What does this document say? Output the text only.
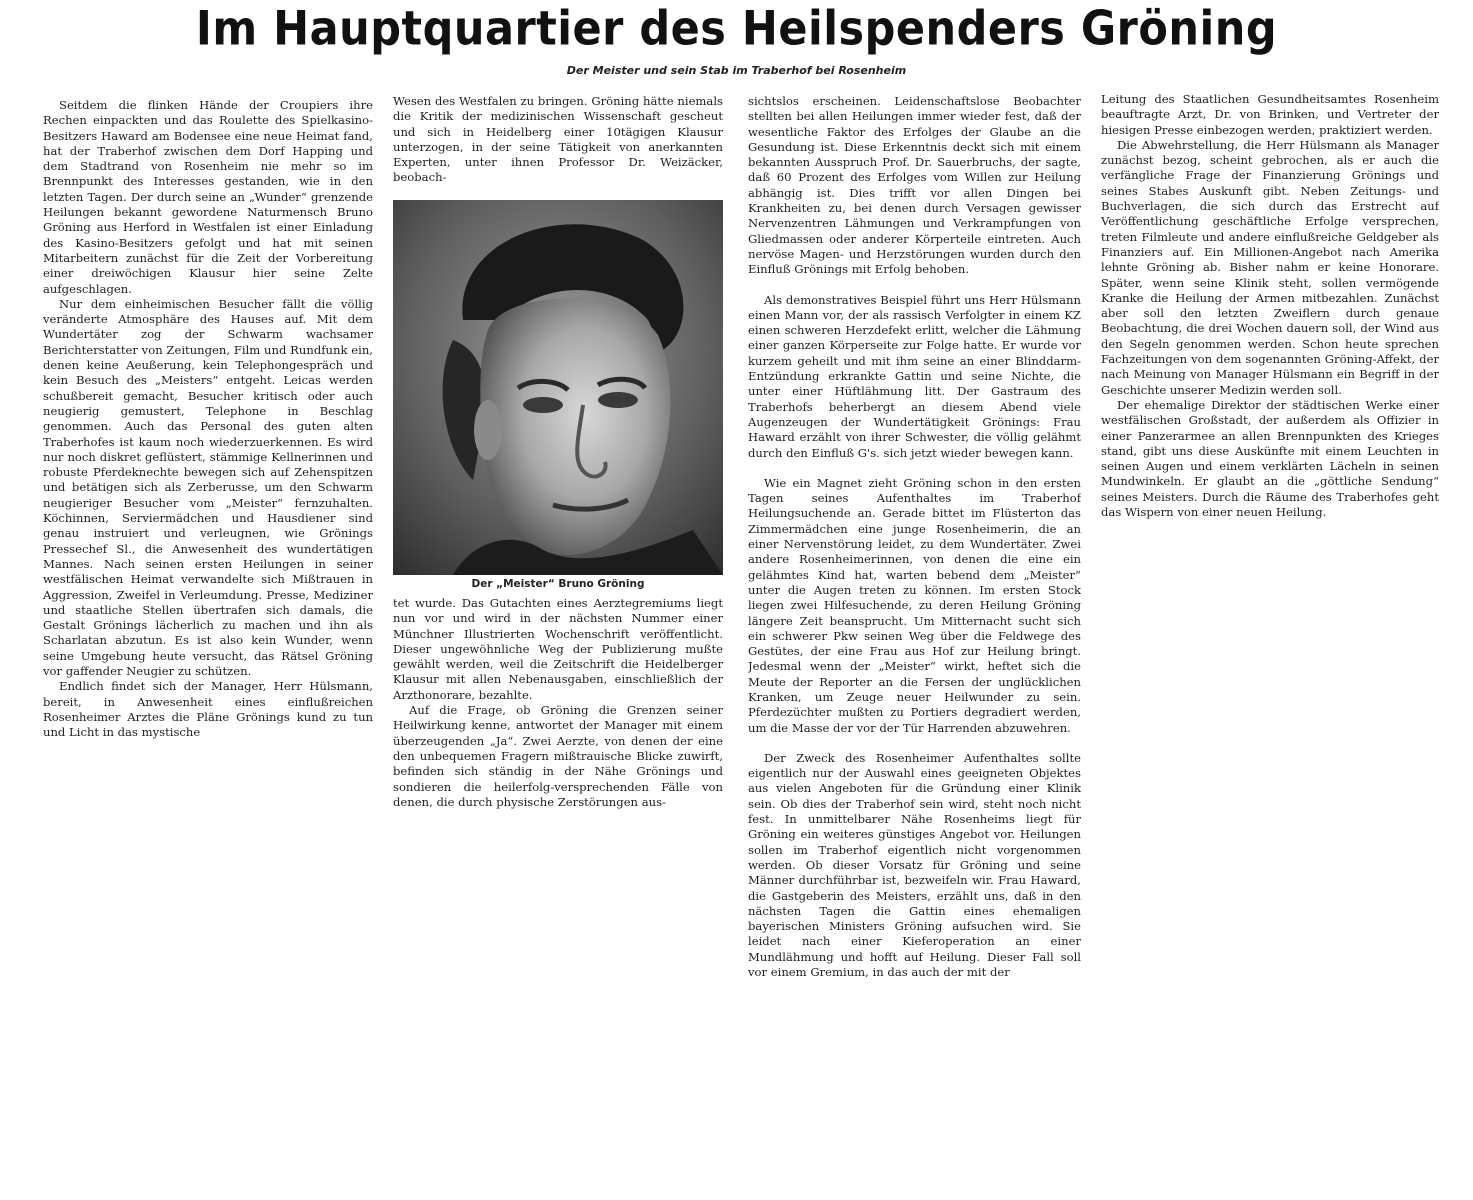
Im Hauptquartier des Heilspenders Gröning
Der Meister und sein Stab im Traberhof bei Rosenheim

Seitdem die flinken Hände der Croupiers ihre Rechen einpackten und das Roulette des Spielkasino-Besitzers Haward am Bodensee eine neue Heimat fand, hat der Traberhof zwischen dem Dorf Happing und dem Stadtrand von Rosenheim nie mehr so im Brennpunkt des Interesses gestanden, wie in den letzten Tagen. Der durch seine an „Wunder“ grenzende Heilungen bekannt gewordene Naturmensch Bruno Gröning aus Herford in Westfalen ist einer Einladung des Kasino-Besitzers gefolgt und hat mit seinen Mitarbeitern zunächst für die Zeit der Vorbereitung einer dreiwöchigen Klausur hier seine Zelte aufgeschlagen.

Nur dem einheimischen Besucher fällt die völlig veränderte Atmosphäre des Hauses auf. Mit dem Wundertäter zog der Schwarm wachsamer Berichterstatter von Zeitungen, Film und Rundfunk ein, denen keine Aeußerung, kein Telephongespräch und kein Besuch des „Meisters“ entgeht. Leicas werden schußbereit gemacht, Besucher kritisch oder auch neugierig gemustert, Telephone in Beschlag genommen. Auch das Personal des guten alten Traberhofes ist kaum noch wiederzuerkennen. Es wird nur noch diskret geflüstert, stämmige Kellnerinnen und robuste Pferdeknechte bewegen sich auf Zehenspitzen und betätigen sich als Zerberusse, um den Schwarm neugieriger Besucher vom „Meister“ fernzuhalten. Köchinnen, Serviermädchen und Hausdiener sind genau instruiert und verleugnen, wie Grönings Pressechef Sl., die Anwesenheit des wundertätigen Mannes. Nach seinen ersten Heilungen in seiner westfälischen Heimat verwandelte sich Mißtrauen in Aggression, Zweifel in Verleumdung. Presse, Mediziner und staatliche Stellen übertrafen sich damals, die Gestalt Grönings lächerlich zu machen und ihn als Scharlatan abzutun. Es ist also kein Wunder, wenn seine Umgebung heute versucht, das Rätsel Gröning vor gaffender Neugier zu schützen.

Endlich findet sich der Manager, Herr Hülsmann, bereit, in Anwesenheit eines einflußreichen Rosenheimer Arztes die Pläne Grönings kund zu tun und Licht in das mystische

Wesen des Westfalen zu bringen. Gröning hätte niemals die Kritik der medizinischen Wissenschaft gescheut und sich in Heidelberg einer 10tägigen Klausur unterzogen, in der seine Tätigkeit von anerkannten Experten, unter ihnen Professor Dr. Weizäcker, beobach-

Der „Meister“ Bruno Gröning

tet wurde. Das Gutachten eines Aerztegremiums liegt nun vor und wird in der nächsten Nummer einer Münchner Illustrierten Wochenschrift veröffentlicht. Dieser ungewöhnliche Weg der Publizierung mußte gewählt werden, weil die Zeitschrift die Heidelberger Klausur mit allen Nebenausgaben, einschließlich der Arzthonorare, bezahlte.

Auf die Frage, ob Gröning die Grenzen seiner Heilwirkung kenne, antwortet der Manager mit einem überzeugenden „Ja“. Zwei Aerzte, von denen der eine den unbequemen Fragern mißtrauische Blicke zuwirft, befinden sich ständig in der Nähe Grönings und sondieren die heilerfolg-versprechenden Fälle von denen, die durch physische Zerstörungen aus-

sichtslos erscheinen. Leidenschaftslose Beobachter stellten bei allen Heilungen immer wieder fest, daß der wesentliche Faktor des Erfolges der Glaube an die Gesundung ist. Diese Erkenntnis deckt sich mit einem bekannten Ausspruch Prof. Dr. Sauerbruchs, der sagte, daß 60 Prozent des Erfolges vom Willen zur Heilung abhängig ist. Dies trifft vor allen Dingen bei Krankheiten zu, bei denen durch Versagen gewisser Nervenzentren Lähmungen und Verkrampfungen von Gliedmassen oder anderer Körperteile eintreten. Auch nervöse Magen- und Herzstörungen wurden durch den Einfluß Grönings mit Erfolg behoben.

Als demonstratives Beispiel führt uns Herr Hülsmann einen Mann vor, der als rassisch Verfolgter in einem KZ einen schweren Herzdefekt erlitt, welcher die Lähmung einer ganzen Körperseite zur Folge hatte. Er wurde vor kurzem geheilt und mit ihm seine an einer Blinddarm-Entzündung erkrankte Gattin und seine Nichte, die unter einer Hüftlähmung litt. Der Gastraum des Traberhofs beherbergt an diesem Abend viele Augenzeugen der Wundertätigkeit Grönings: Frau Haward erzählt von ihrer Schwester, die völlig gelähmt durch den Einfluß G's. sich jetzt wieder bewegen kann.

Wie ein Magnet zieht Gröning schon in den ersten Tagen seines Aufenthaltes im Traberhof Heilungsuchende an. Gerade bittet im Flüsterton das Zimmermädchen eine junge Rosenheimerin, die an einer Nervenstörung leidet, zu dem Wundertäter. Zwei andere Rosenheimerinnen, von denen die eine ein gelähmtes Kind hat, warten bebend dem „Meister“ unter die Augen treten zu können. Im ersten Stock liegen zwei Hilfesuchende, zu deren Heilung Gröning längere Zeit beansprucht. Um Mitternacht sucht sich ein schwerer Pkw seinen Weg über die Feldwege des Gestütes, der eine Frau aus Hof zur Heilung bringt. Jedesmal wenn der „Meister“ wirkt, heftet sich die Meute der Reporter an die Fersen der unglücklichen Kranken, um Zeuge neuer Heilwunder zu sein. Pferdezüchter mußten zu Portiers degradiert werden, um die Masse der vor der Tür Harrenden abzuwehren.

Der Zweck des Rosenheimer Aufenthaltes sollte eigentlich nur der Auswahl eines geeigneten Objektes aus vielen Angeboten für die Gründung einer Klinik sein. Ob dies der Traberhof sein wird, steht noch nicht fest. In unmittelbarer Nähe Rosenheims liegt für Gröning ein weiteres günstiges Angebot vor. Heilungen sollen im Traberhof eigentlich nicht vorgenommen werden. Ob dieser Vorsatz für Gröning und seine Männer durchführbar ist, bezweifeln wir. Frau Haward, die Gastgeberin des Meisters, erzählt uns, daß in den nächsten Tagen die Gattin eines ehemaligen bayerischen Ministers Gröning aufsuchen wird. Sie leidet nach einer Kieferoperation an einer Mundlähmung und hofft auf Heilung. Dieser Fall soll vor einem Gremium, in das auch der mit der

Leitung des Staatlichen Gesundheitsamtes Rosenheim beauftragte Arzt, Dr. von Brinken, und Vertreter der hiesigen Presse einbezogen werden, praktiziert werden.

Die Abwehrstellung, die Herr Hülsmann als Manager zunächst bezog, scheint gebrochen, als er auch die verfängliche Frage der Finanzierung Grönings und seines Stabes Auskunft gibt. Neben Zeitungs- und Buchverlagen, die sich durch das Erstrecht auf Veröffentlichung geschäftliche Erfolge versprechen, treten Filmleute und andere einflußreiche Geldgeber als Finanziers auf. Ein Millionen-Angebot nach Amerika lehnte Gröning ab. Bisher nahm er keine Honorare. Später, wenn seine Klinik steht, sollen vermögende Kranke die Heilung der Armen mitbezahlen. Zunächst aber soll den letzten Zweiflern durch genaue Beobachtung, die drei Wochen dauern soll, der Wind aus den Segeln genommen werden. Schon heute sprechen Fachzeitungen von dem sogenannten Gröning-Affekt, der nach Meinung von Manager Hülsmann ein Begriff in der Geschichte unserer Medizin werden soll.

Der ehemalige Direktor der städtischen Werke einer westfälischen Großstadt, der außerdem als Offizier in einer Panzerarmee an allen Brennpunkten des Krieges stand, gibt uns diese Auskünfte mit einem Leuchten in seinen Augen und einem verklärten Lächeln in seinen Mundwinkeln. Er glaubt an die „göttliche Sendung“ seines Meisters. Durch die Räume des Traberhofes geht das Wispern von einer neuen Heilung.
